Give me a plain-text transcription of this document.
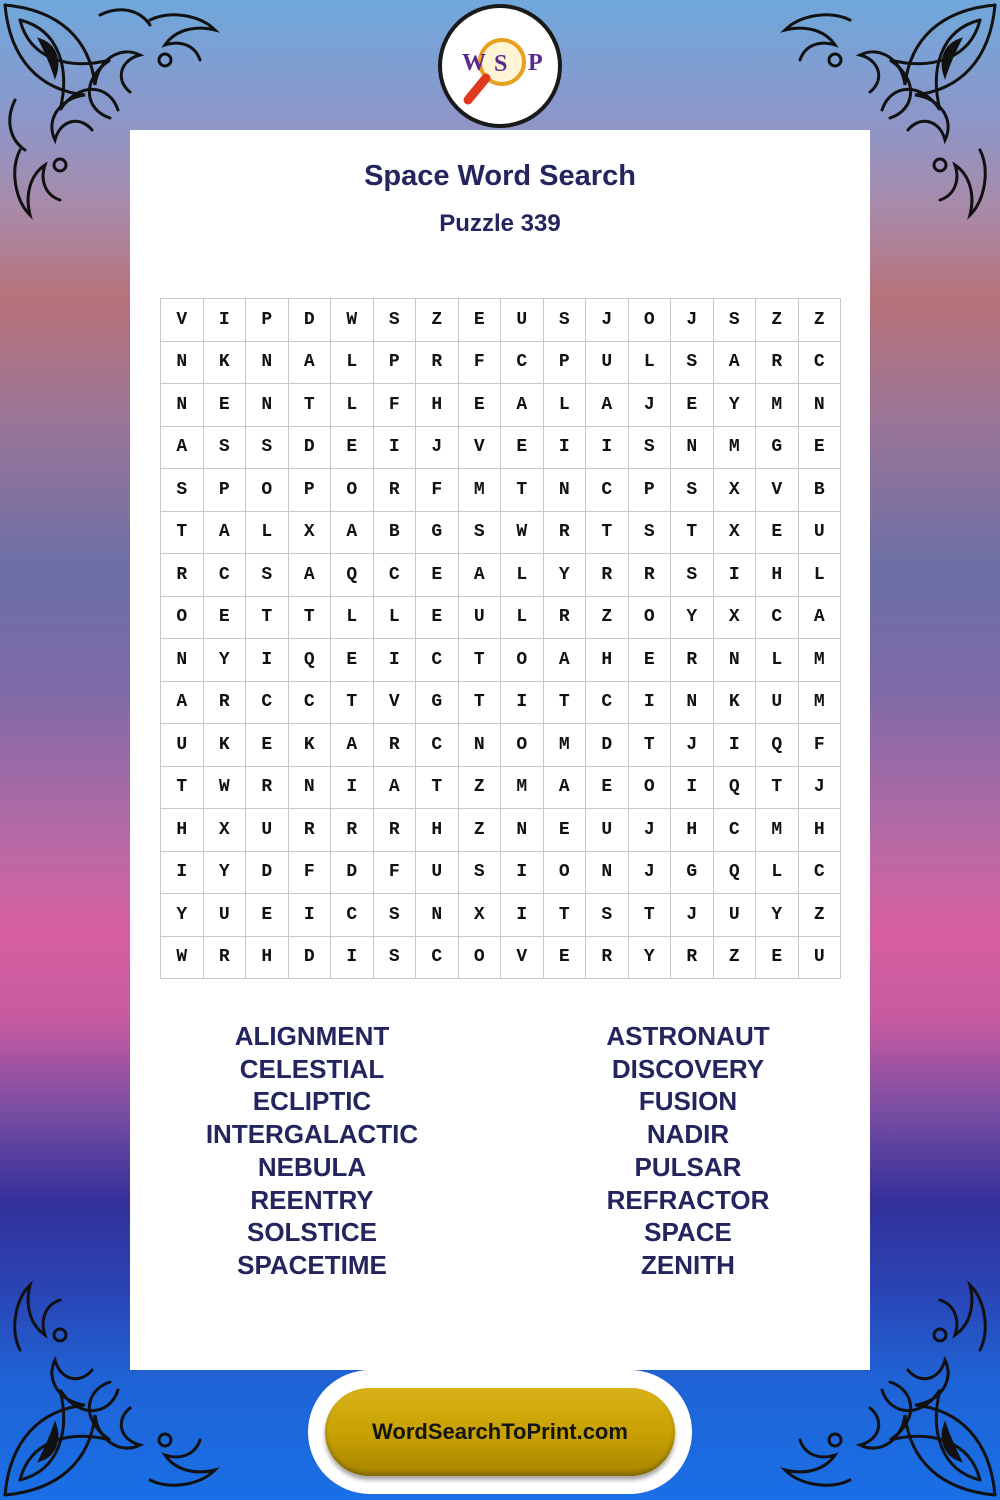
W S P
Space Word Search
Puzzle 339
V	I	P	D	W	S	Z	E	U	S	J	O	J	S	Z	Z
N	K	N	A	L	P	R	F	C	P	U	L	S	A	R	C
N	E	N	T	L	F	H	E	A	L	A	J	E	Y	M	N
A	S	S	D	E	I	J	V	E	I	I	S	N	M	G	E
S	P	O	P	O	R	F	M	T	N	C	P	S	X	V	B
T	A	L	X	A	B	G	S	W	R	T	S	T	X	E	U
R	C	S	A	Q	C	E	A	L	Y	R	R	S	I	H	L
O	E	T	T	L	L	E	U	L	R	Z	O	Y	X	C	A
N	Y	I	Q	E	I	C	T	O	A	H	E	R	N	L	M
A	R	C	C	T	V	G	T	I	T	C	I	N	K	U	M
U	K	E	K	A	R	C	N	O	M	D	T	J	I	Q	F
T	W	R	N	I	A	T	Z	M	A	E	O	I	Q	T	J
H	X	U	R	R	R	H	Z	N	E	U	J	H	C	M	H
I	Y	D	F	D	F	U	S	I	O	N	J	G	Q	L	C
Y	U	E	I	C	S	N	X	I	T	S	T	J	U	Y	Z
W	R	H	D	I	S	C	O	V	E	R	Y	R	Z	E	U
ALIGNMENT
CELESTIAL
ECLIPTIC
INTERGALACTIC
NEBULA
REENTRY
SOLSTICE
SPACETIME
ASTRONAUT
DISCOVERY
FUSION
NADIR
PULSAR
REFRACTOR
SPACE
ZENITH
WordSearchToPrint.com
